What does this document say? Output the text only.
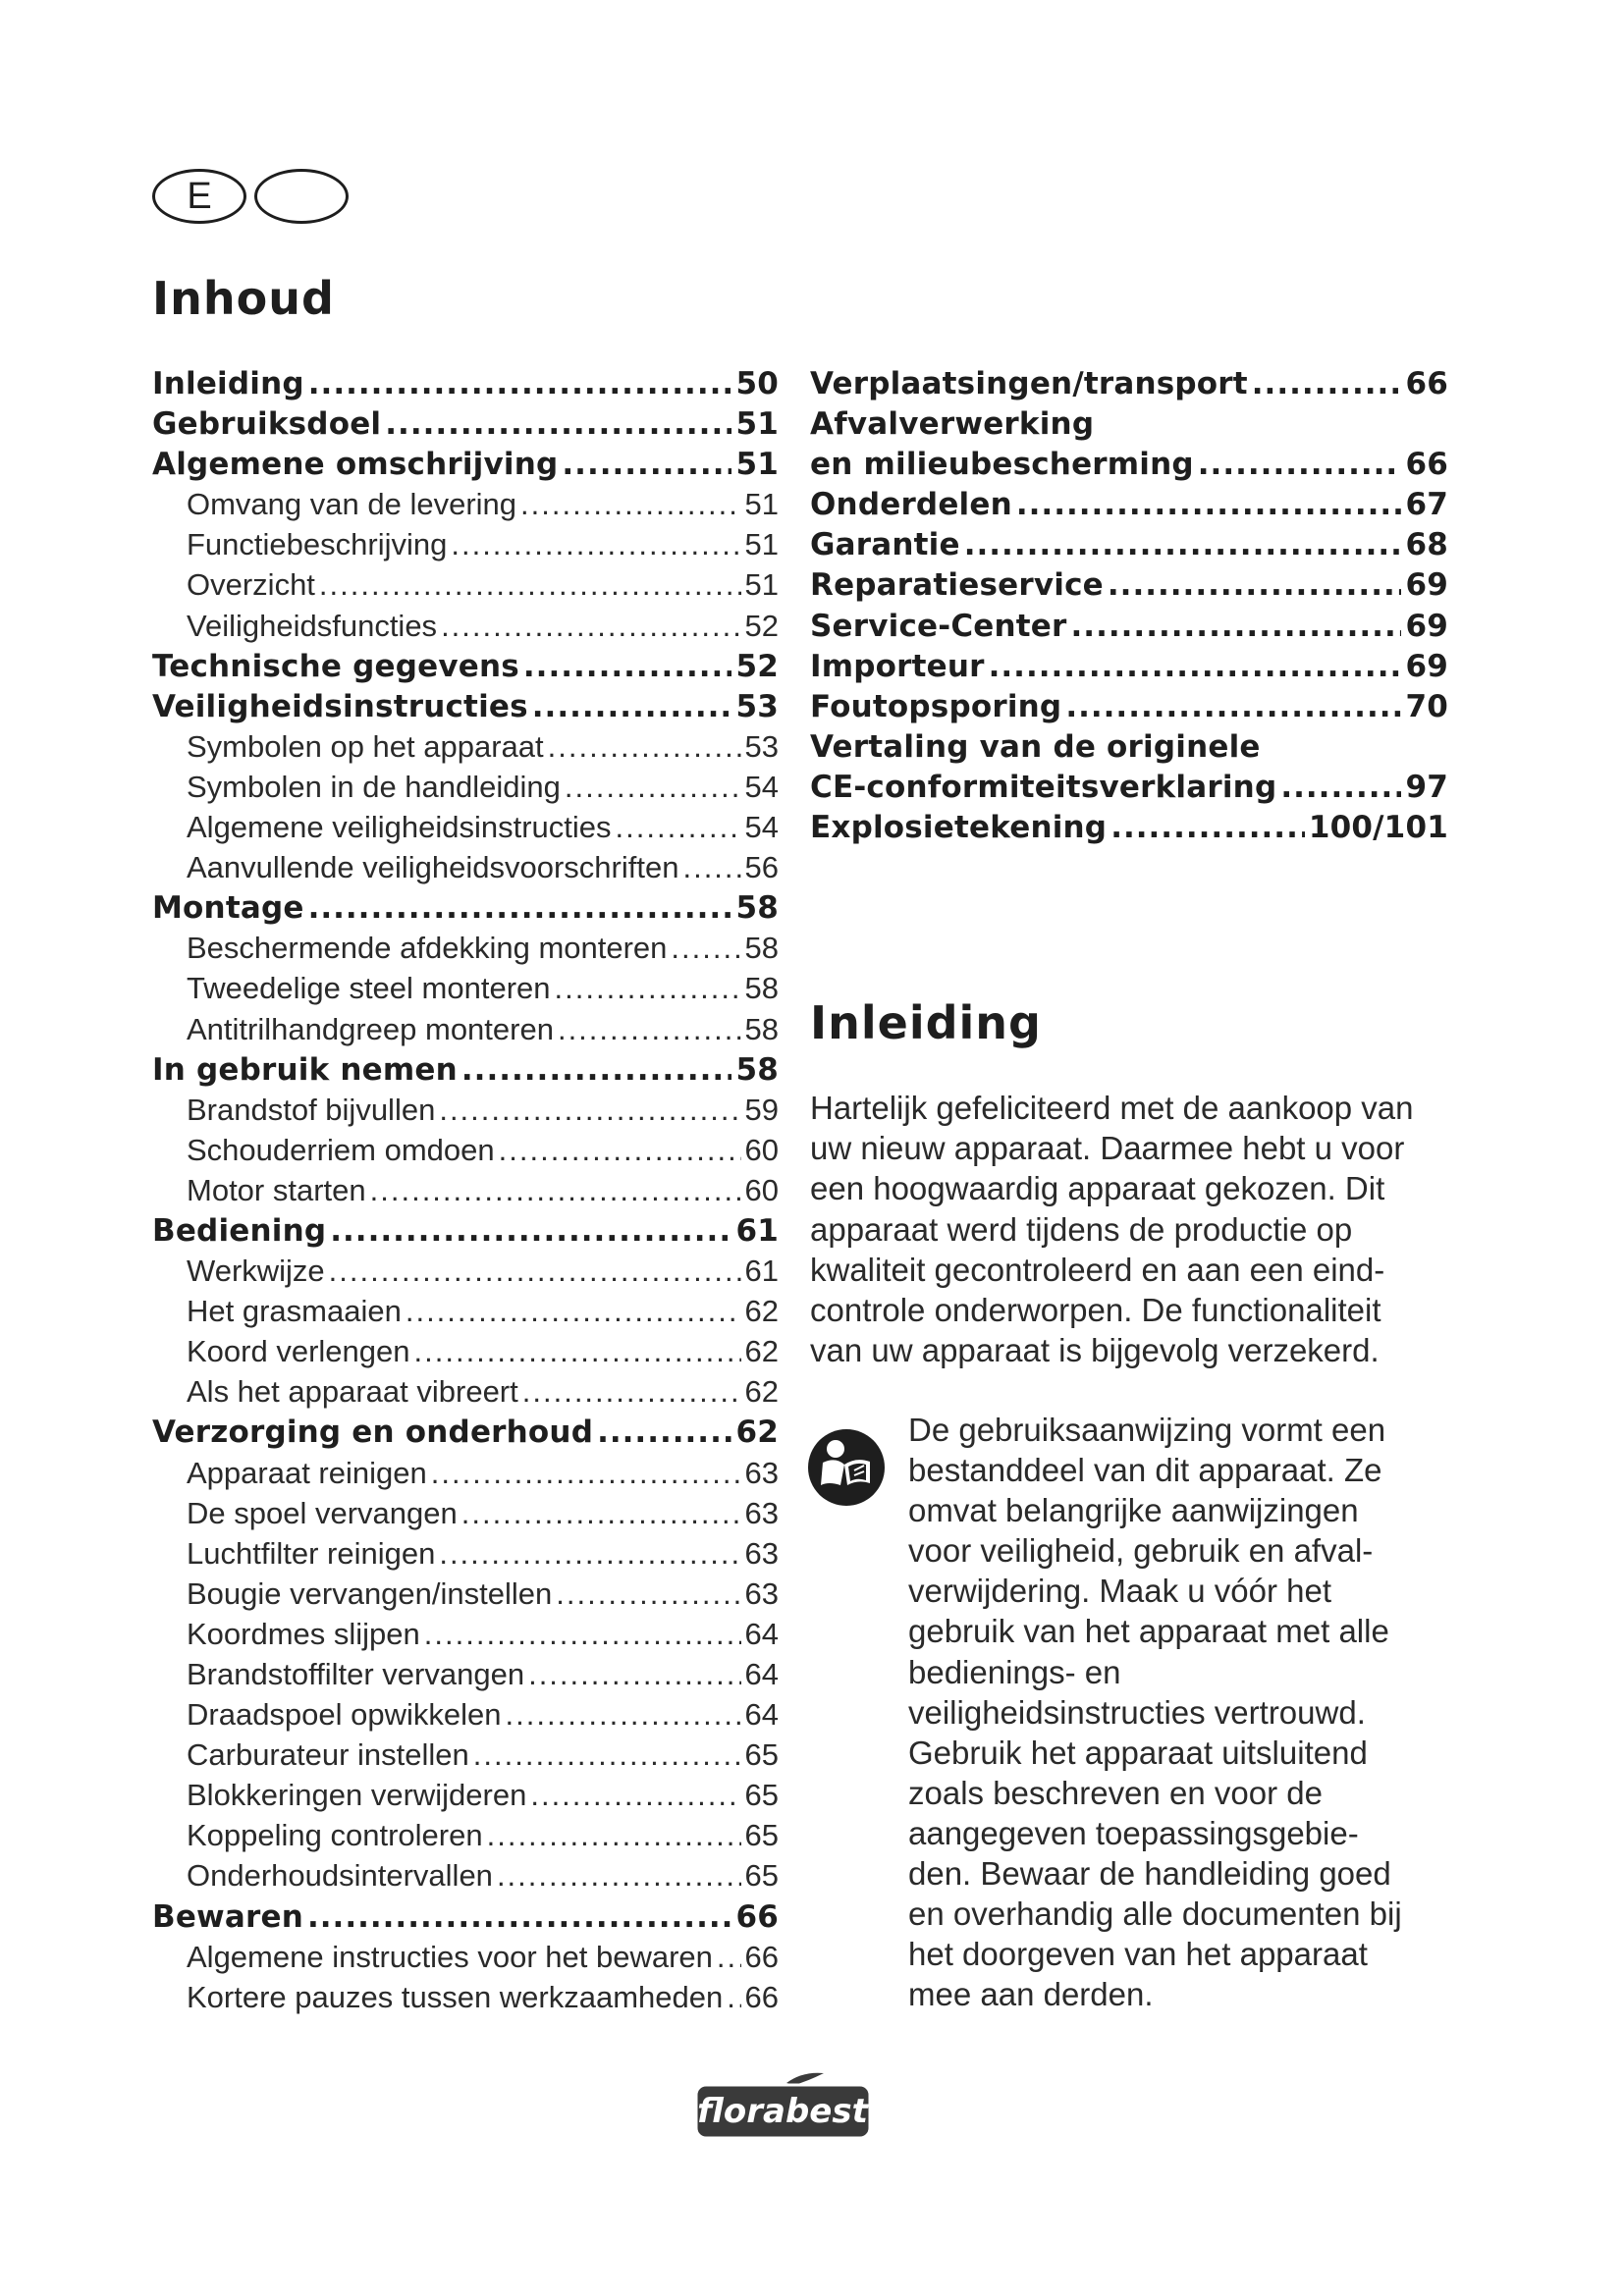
E
Inhoud
Inleiding .....	50
Gebruiksdoel .....	51
Algemene omschrijving .....	51
Omvang van de levering .....	51
Functiebeschrijving .....	51
Overzicht .....	51
Veiligheidsfuncties .....	52
Technische gegevens .....	52
Veiligheidsinstructies .....	53
Symbolen op het apparaat .....	53
Symbolen in de handleiding .....	54
Algemene veiligheidsinstructies .....	54
Aanvullende veiligheidsvoorschriften ..... 56
Montage .....	58
Beschermende afdekking monteren .....	58
Tweedelige steel monteren .....	58
Antitrilhandgreep monteren .....	58
In gebruik nemen .....	58
Brandstof bijvullen .....	59
Schouderriem omdoen .....	60
Motor starten .....	60
Bediening .....	61
Werkwijze .....	61
Het grasmaaien .....	62
Koord verlengen .....	62
Als het apparaat vibreert .....	62
Verzorging en onderhoud .....	62
Apparaat reinigen .....	63
De spoel vervangen .....	63
Luchtfilter reinigen .....	63
Bougie vervangen/instellen .....	63
Koordmes slijpen .....	64
Brandstoffilter vervangen .....	64
Draadspoel opwikkelen .....	64
Carburateur instellen .....	65
Blokkeringen verwijderen .....	65
Koppeling controleren .....	65
Onderhoudsintervallen .....	65
Bewaren .....	66
Algemene instructies voor het bewaren ..... 66
Kortere pauzes tussen werkzaamheden ..... 66
Verplaatsingen/transport .....	66
Afvalverwerking
en milieubescherming .....	66
Onderdelen .....	67
Garantie .....	68
Reparatieservice .....	69
Service-Center .....	69
Importeur .....	69
Foutopsporing .....	70
Vertaling van de originele
CE-conformiteitsverklaring .....	97
Explosietekening .....	100/101
Inleiding

Hartelijk gefeliciteerd met de aankoop van uw nieuw apparaat. Daarmee hebt u voor een hoogwaardig apparaat gekozen. Dit apparaat werd tijdens de productie op kwaliteit gecontroleerd en aan een eind-controle onderworpen. De functionaliteit van uw apparaat is bijgevolg verzekerd.

De gebruiksaanwijzing vormt een bestanddeel van dit apparaat. Ze omvat belangrijke aanwijzingen voor veiligheid, gebruik en afval-verwijdering. Maak u vóór het gebruik van het apparaat met alle bedienings- en veiligheidsinstructies vertrouwd. Gebruik het apparaat uitsluitend zoals beschreven en voor de aangegeven toepassingsgebie-den. Bewaar de handleiding goed en overhandig alle documenten bij het doorgeven van het apparaat mee aan derden.

florabest
